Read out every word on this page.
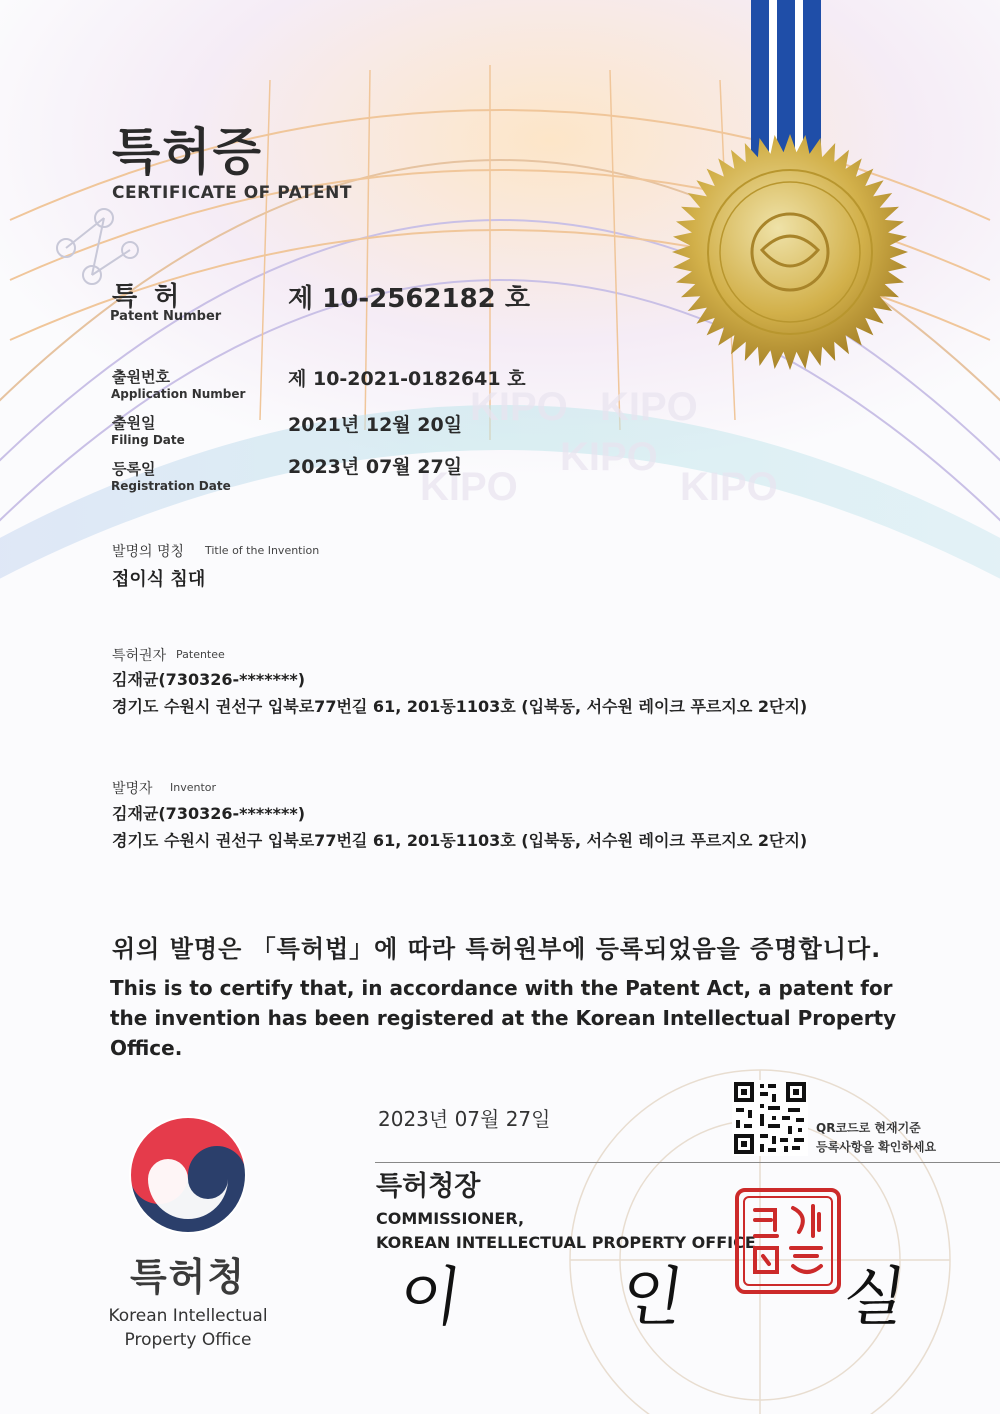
KIPO
KIPO
KIPO
KIPO
KIPO
특허증
CERTIFICATE OF PATENT
특 허
Patent Number
제 10-2562182 호
출원번호
Application Number
제 10-2021-0182641 호
출원일
Filing Date
2021년 12월 20일
등록일
Registration Date
2023년 07월 27일
발명의 명칭 Title of the Invention
접이식 침대
특허권자 Patentee
김재균(730326-*******)
경기도 수원시 권선구 입북로77번길 61, 201동1103호 (입북동, 서수원 레이크 푸르지오 2단지)
발명자 Inventor
김재균(730326-*******)
경기도 수원시 권선구 입북로77번길 61, 201동1103호 (입북동, 서수원 레이크 푸르지오 2단지)
위의 발명은 「특허법」에 따라 특허원부에 등록되었음을 증명합니다.
This is to certify that, in accordance with the Patent Act, a patent for the invention has been registered at the Korean Intellectual Property Office.
특허청
Korean Intellectual
Property Office
2023년 07월 27일
특허청장
COMMISSIONER,
KOREAN INTELLECTUAL PROPERTY OFFICE
이 인 실
QR코드로 현재기준
등록사항을 확인하세요
